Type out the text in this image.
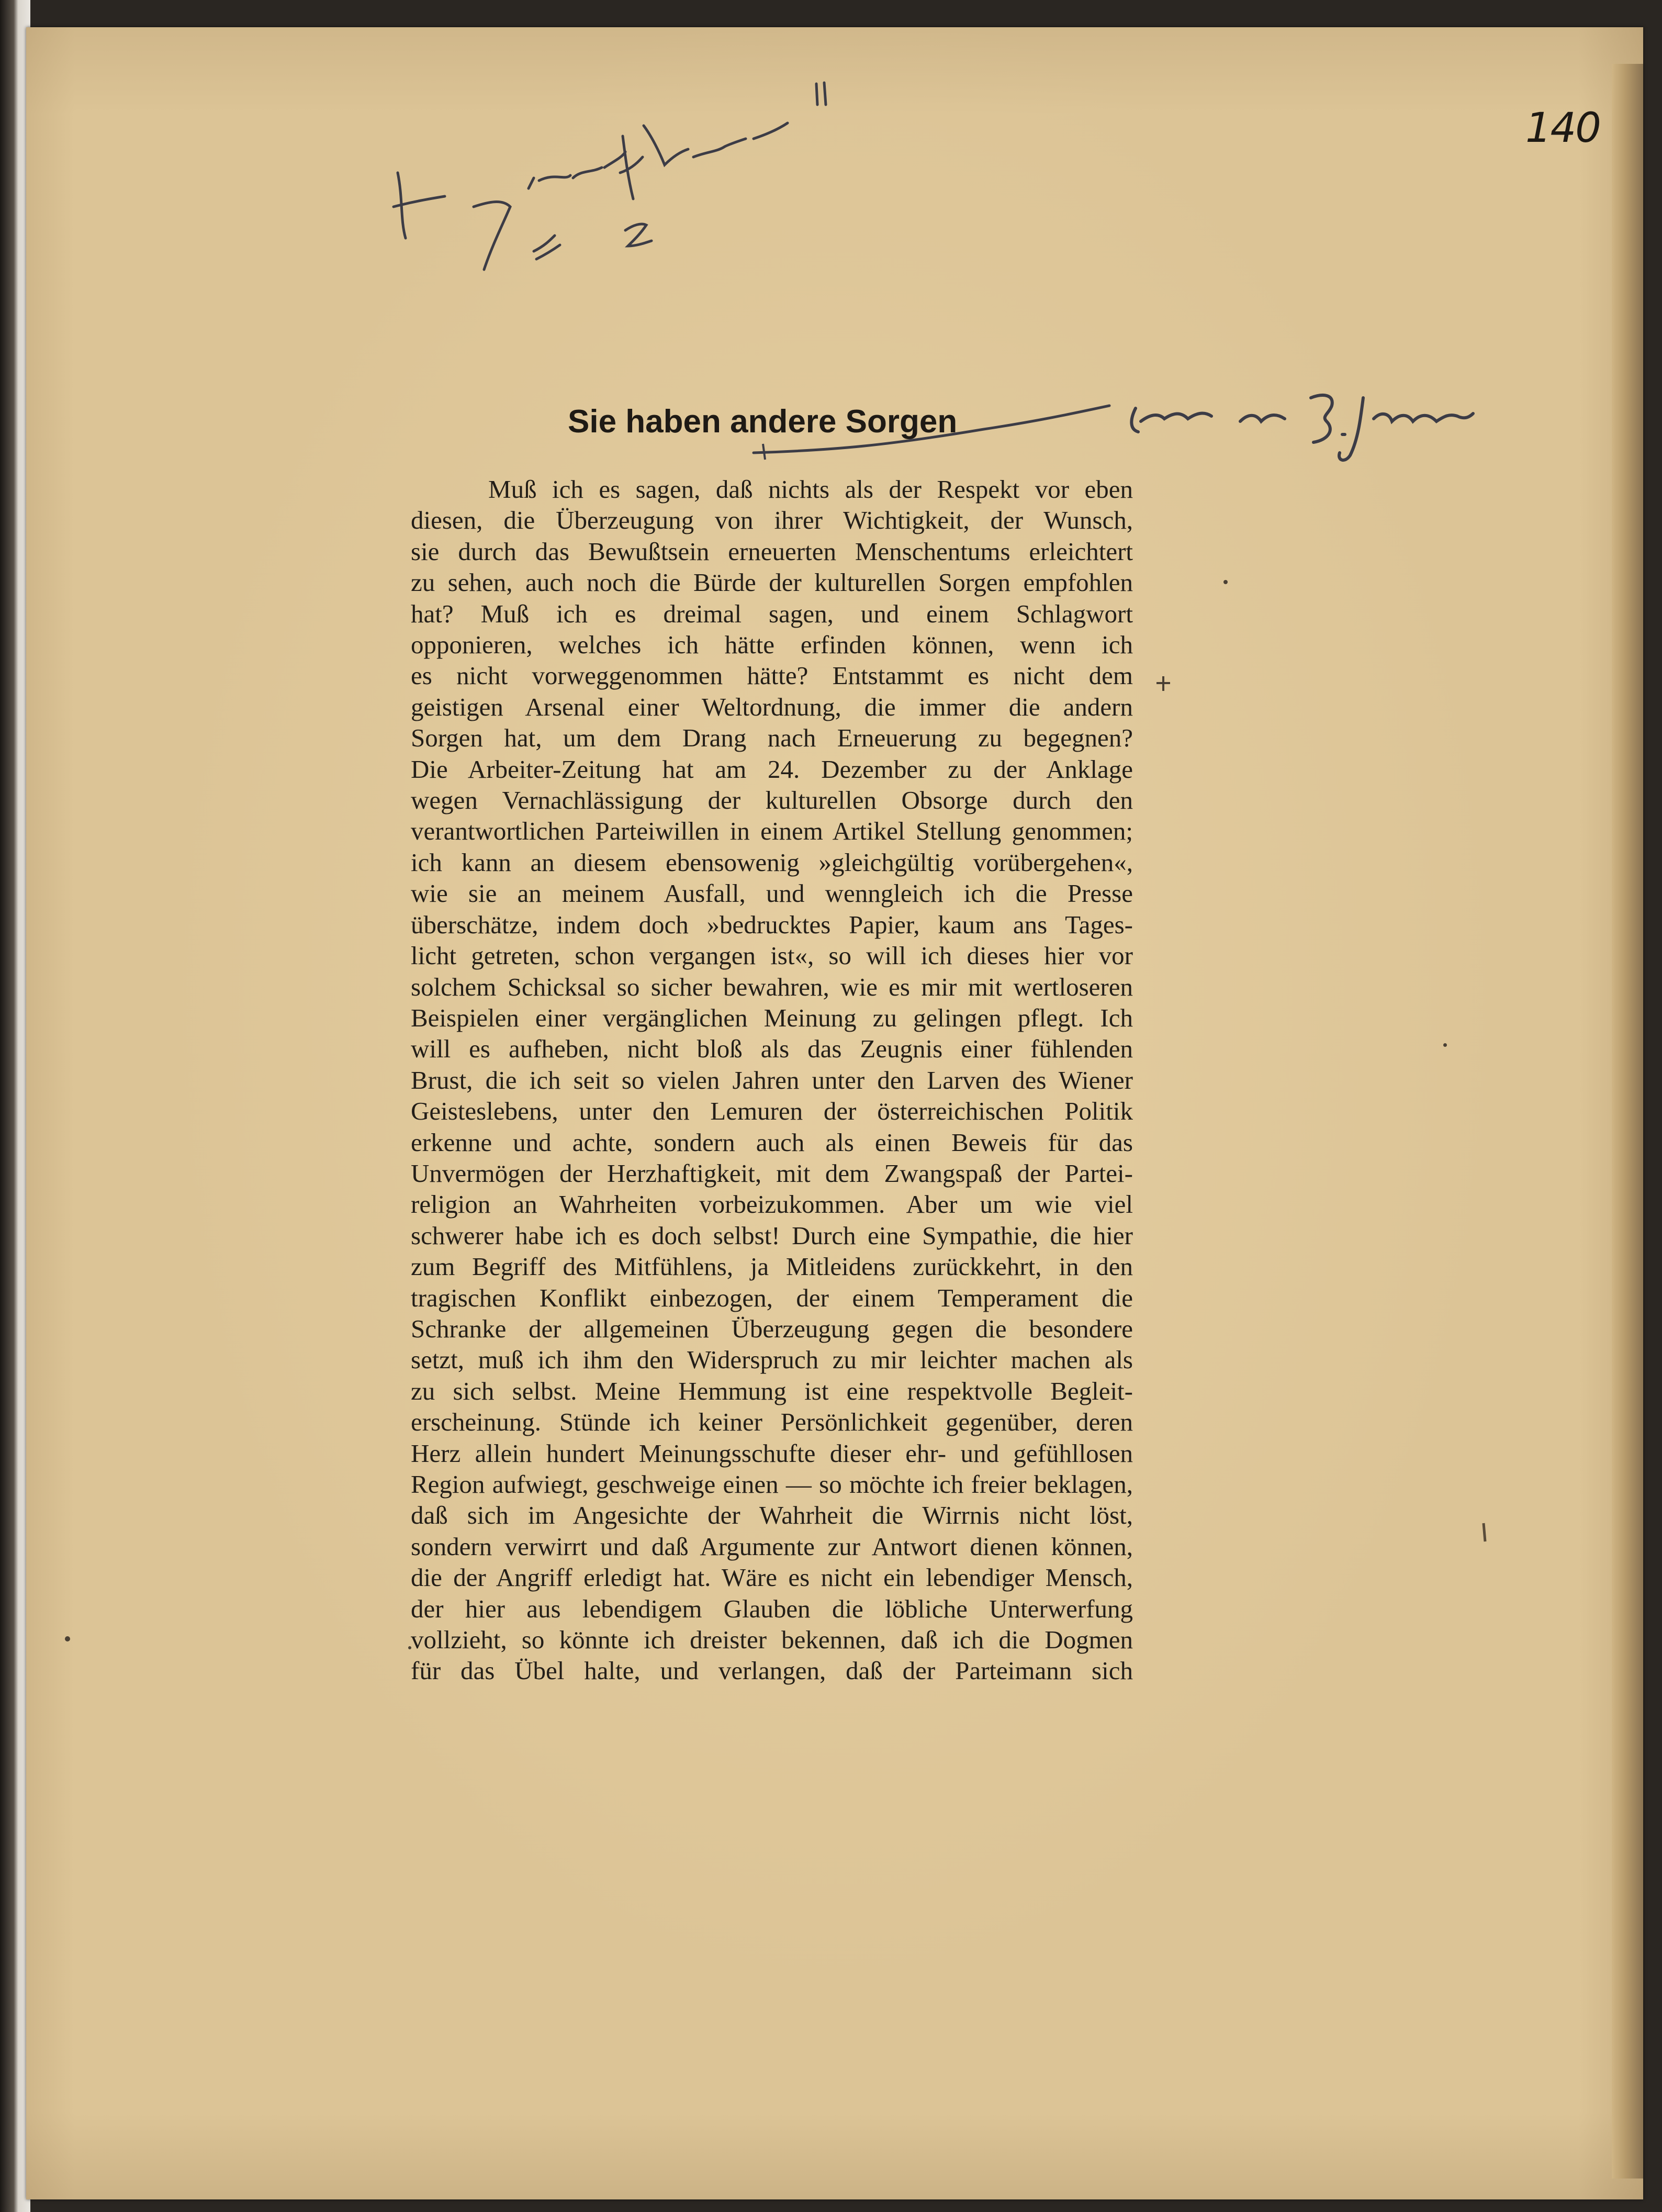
140
Sie haben andere Sorgen

Muß ich es sagen, daß nichts als der Respekt vor eben
diesen, die Überzeugung von ihrer Wichtigkeit, der Wunsch,
sie durch das Bewußtsein erneuerten Menschentums erleichtert
zu sehen, auch noch die Bürde der kulturellen Sorgen empfohlen
hat? Muß ich es dreimal sagen, und einem Schlagwort
opponieren, welches ich hätte erfinden können, wenn ich
es nicht vorweggenommen hätte? Entstammt es nicht dem
geistigen Arsenal einer Weltordnung, die immer die andern
Sorgen hat, um dem Drang nach Erneuerung zu begegnen?
Die Arbeiter-Zeitung hat am 24. Dezember zu der Anklage
wegen Vernachlässigung der kulturellen Obsorge durch den
verantwortlichen Parteiwillen in einem Artikel Stellung genommen;
ich kann an diesem ebensowenig »gleichgültig vorübergehen«,
wie sie an meinem Ausfall, und wenngleich ich die Presse
überschätze, indem doch »bedrucktes Papier, kaum ans Tages-
licht getreten, schon vergangen ist«, so will ich dieses hier vor
solchem Schicksal so sicher bewahren, wie es mir mit wertloseren
Beispielen einer vergänglichen Meinung zu gelingen pflegt. Ich
will es aufheben, nicht bloß als das Zeugnis einer fühlenden
Brust, die ich seit so vielen Jahren unter den Larven des Wiener
Geisteslebens, unter den Lemuren der österreichischen Politik
erkenne und achte, sondern auch als einen Beweis für das
Unvermögen der Herzhaftigkeit, mit dem Zwangspaß der Partei-
religion an Wahrheiten vorbeizukommen. Aber um wie viel
schwerer habe ich es doch selbst! Durch eine Sympathie, die hier
zum Begriff des Mitfühlens, ja Mitleidens zurückkehrt, in den
tragischen Konflikt einbezogen, der einem Temperament die
Schranke der allgemeinen Überzeugung gegen die besondere
setzt, muß ich ihm den Widerspruch zu mir leichter machen als
zu sich selbst. Meine Hemmung ist eine respektvolle Begleit-
erscheinung. Stünde ich keiner Persönlichkeit gegenüber, deren
Herz allein hundert Meinungsschufte dieser ehr- und gefühllosen
Region aufwiegt, geschweige einen — so möchte ich freier beklagen,
daß sich im Angesichte der Wahrheit die Wirrnis nicht löst,
sondern verwirrt und daß Argumente zur Antwort dienen können,
die der Angriff erledigt hat. Wäre es nicht ein lebendiger Mensch,
der hier aus lebendigem Glauben die löbliche Unterwerfung
vollzieht, so könnte ich dreister bekennen, daß ich die Dogmen
für das Übel halte, und verlangen, daß der Parteimann sich
